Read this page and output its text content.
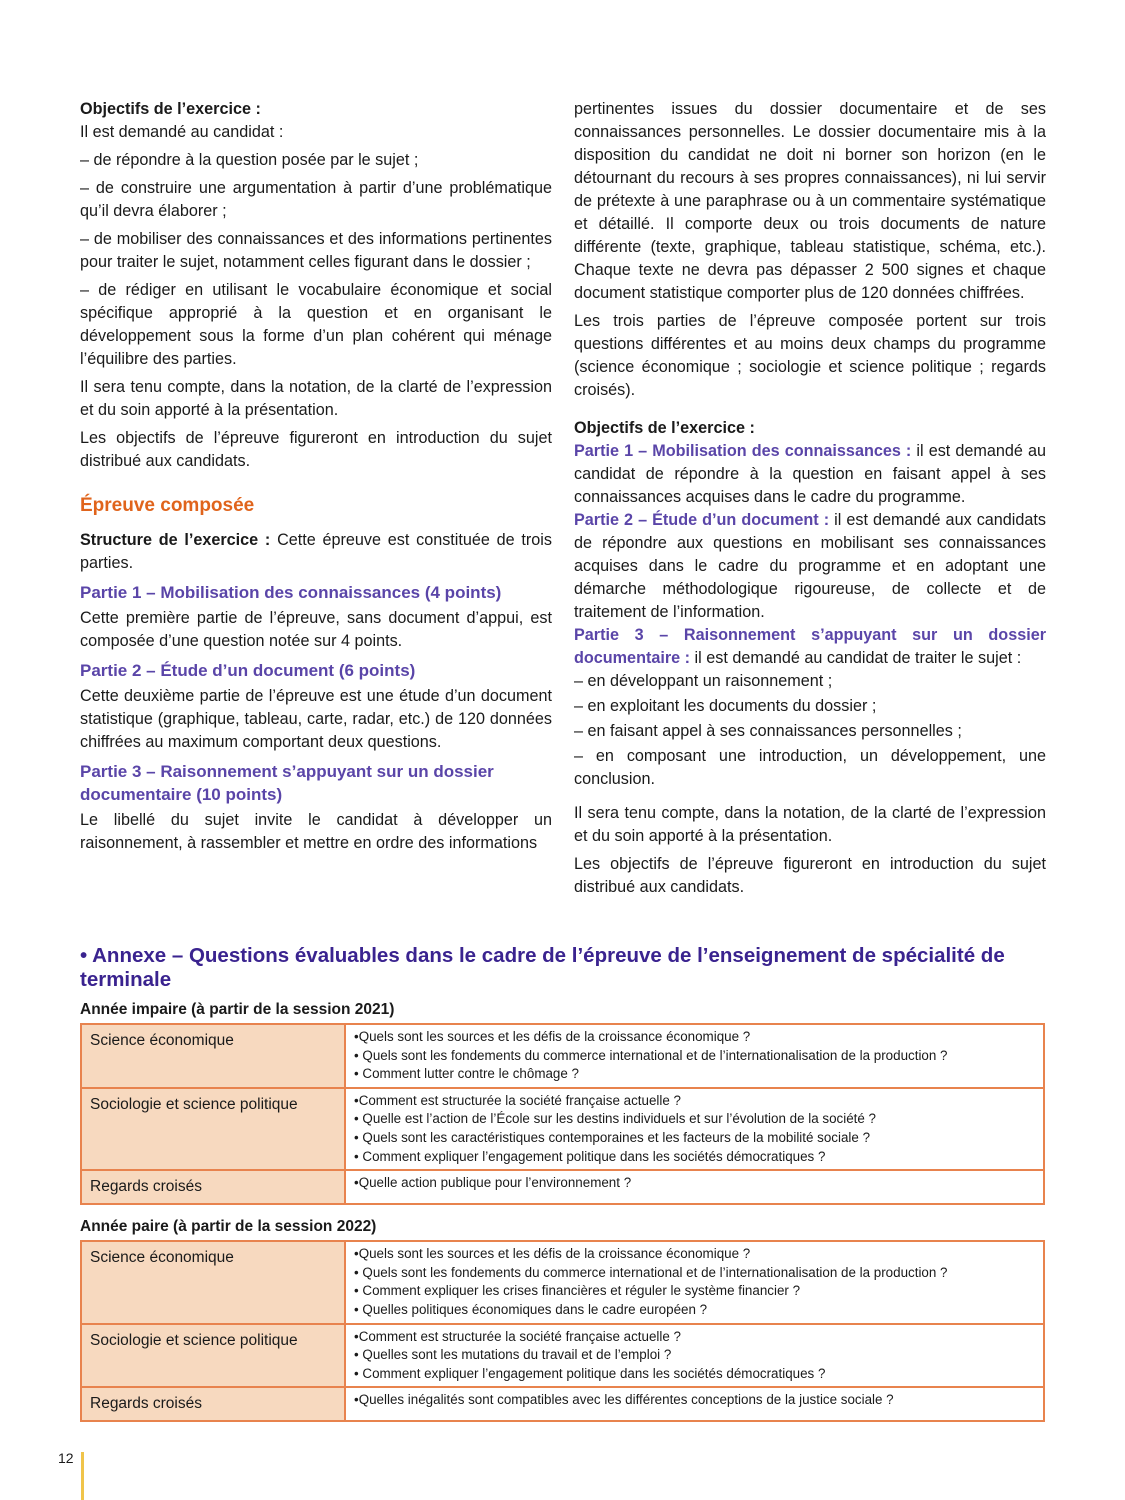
Objectifs de l’exercice :

Il est demandé au candidat :

– de répondre à la question posée par le sujet ;

– de construire une argumentation à partir d’une problématique qu’il devra élaborer ;

– de mobiliser des connaissances et des informations pertinentes pour traiter le sujet, notamment celles figurant dans le dossier ;

– de rédiger en utilisant le vocabulaire économique et social spécifique approprié à la question et en organisant le développement sous la forme d’un plan cohérent qui ménage l’équilibre des parties.

Il sera tenu compte, dans la notation, de la clarté de l’expression et du soin apporté à la présentation.

Les objectifs de l’épreuve figureront en introduction du sujet distribué aux candidats.

Épreuve composée

Structure de l’exercice : Cette épreuve est constituée de trois parties.

Partie 1 – Mobilisation des connaissances (4 points)

Cette première partie de l’épreuve, sans document d’appui, est composée d’une question notée sur 4 points.

Partie 2 – Étude d’un document (6 points)

Cette deuxième partie de l’épreuve est une étude d’un document statistique (graphique, tableau, carte, radar, etc.) de 120 données chiffrées au maximum comportant deux questions.

Partie 3 – Raisonnement s’appuyant sur un dossier documentaire (10 points)

Le libellé du sujet invite le candidat à développer un raisonnement, à rassembler et mettre en ordre des informations

pertinentes issues du dossier documentaire et de ses connaissances personnelles. Le dossier documentaire mis à la disposition du candidat ne doit ni borner son horizon (en le détournant du recours à ses propres connaissances), ni lui servir de prétexte à une paraphrase ou à un commentaire systématique et détaillé. Il comporte deux ou trois documents de nature différente (texte, graphique, tableau statistique, schéma, etc.). Chaque texte ne devra pas dépasser 2 500 signes et chaque document statistique comporter plus de 120 données chiffrées.

Les trois parties de l’épreuve composée portent sur trois questions différentes et au moins deux champs du programme (science économique ; sociologie et science politique ; regards croisés).

Objectifs de l’exercice :

Partie 1 – Mobilisation des connaissances : il est demandé au candidat de répondre à la question en faisant appel à ses connaissances acquises dans le cadre du programme.

Partie 2 – Étude d’un document : il est demandé aux candidats de répondre aux questions en mobilisant ses connaissances acquises dans le cadre du programme et en adoptant une démarche méthodologique rigoureuse, de collecte et de traitement de l’information.

Partie 3 – Raisonnement s’appuyant sur un dossier documentaire : il est demandé au candidat de traiter le sujet :

– en développant un raisonnement ;

– en exploitant les documents du dossier ;

– en faisant appel à ses connaissances personnelles ;

– en composant une introduction, un développement, une conclusion.

Il sera tenu compte, dans la notation, de la clarté de l’expression et du soin apporté à la présentation.

Les objectifs de l’épreuve figureront en introduction du sujet distribué aux candidats.

• Annexe – Questions évaluables dans le cadre de l’épreuve de l’enseignement de spécialité de terminale
Année impaire (à partir de la session 2021)
Science économique	•Quels sont les sources et les défis de la croissance économique ?
• Quels sont les fondements du commerce international et de l’internationalisation de la production ?
• Comment lutter contre le chômage ?

Sociologie et science politique	•Comment est structurée la société française actuelle ?
• Quelle est l’action de l’École sur les destins individuels et sur l’évolution de la société ?
• Quels sont les caractéristiques contemporaines et les facteurs de la mobilité sociale ?
• Comment expliquer l’engagement politique dans les sociétés démocratiques ?

Regards croisés	•Quelle action publique pour l’environnement ?
Année paire (à partir de la session 2022)
Science économique	•Quels sont les sources et les défis de la croissance économique ?
• Quels sont les fondements du commerce international et de l’internationalisation de la production ?
• Comment expliquer les crises financières et réguler le système financier ?
• Quelles politiques économiques dans le cadre européen ?

Sociologie et science politique	•Comment est structurée la société française actuelle ?
• Quelles sont les mutations du travail et de l’emploi ?
• Comment expliquer l’engagement politique dans les sociétés démocratiques ?

Regards croisés	•Quelles inégalités sont compatibles avec les différentes conceptions de la justice sociale ?
12
